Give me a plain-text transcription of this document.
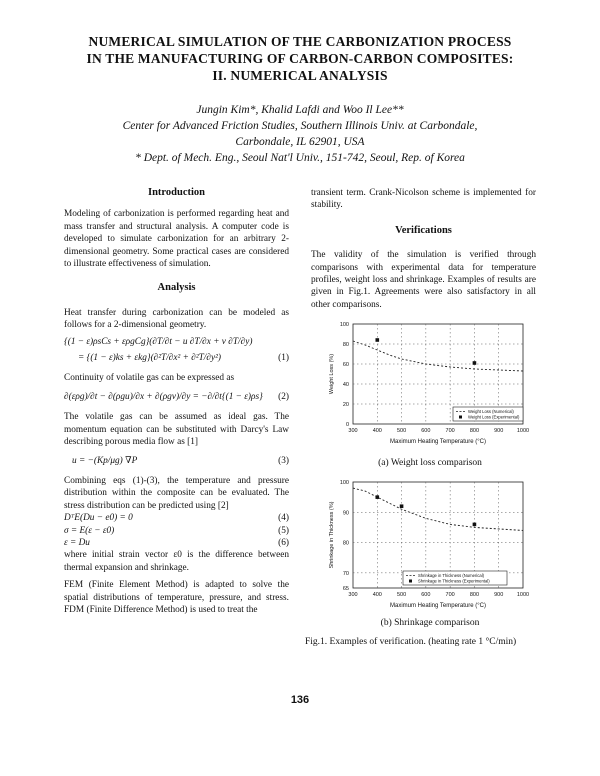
NUMERICAL SIMULATION OF THE CARBONIZATION PROCESS
IN THE MANUFACTURING OF CARBON-CARBON COMPOSITES:
II. NUMERICAL ANALYSIS
Jungin Kim*, Khalid Lafdi and Woo Il Lee**
Center for Advanced Friction Studies, Southern Illinois Univ. at Carbondale,
Carbondale, IL 62901, USA
* Dept. of Mech. Eng., Seoul Nat'l Univ., 151-742, Seoul, Rep. of Korea
Introduction

Modeling of carbonization is performed regarding heat and mass transfer and structural analysis. A computer code is developed to simulate carbonization for an arbitrary 2-dimensional geometry. Some practical cases are considered to illustrate effectiveness of simulation.

Analysis

Heat transfer during carbonization can be modeled as follows for a 2-dimensional geometry.

{(1 − ε)ρsCs + ερgCg}(∂T/∂t − u ∂T/∂x + v ∂T/∂y)
= {(1 − ε)ks + εkg}(∂²T/∂x² + ∂²T/∂y²)	(1)

Continuity of volatile gas can be expressed as

∂(ερg)/∂t − ∂(ρgu)/∂x + ∂(ρgv)/∂y = −∂/∂t{(1 − ε)ρs} (2)

The volatile gas can be assumed as ideal gas. The momentum equation can be substituted with Darcy's Law describing porous media flow as [1]

u = −(Kp/μg) ∇P	(3)

Combining eqs (1)-(3), the temperature and pressure distribution within the composite can be evaluated. The stress distribution can be predicted using [2]

DᵀE(Du − e0) = 0	(4)
σ = E(ε − ε0)	(5)
ε = Du	(6)

where initial strain vector ε0 is the difference between thermal expansion and shrinkage.

FEM (Finite Element Method) is adapted to solve the spatial distributions of temperature, pressure, and stress. FDM (Finite Difference Method) is used to treat the

transient term. Crank-Nicolson scheme is implemented for stability.

Verifications

The validity of the simulation is verified through comparisons with experimental data for temperature profiles, weight loss and shrinkage. Examples of results are given in Fig.1. Agreements were also satisfactory in all other comparisons.

300	400	500	600	700	800	900 1000
0
20
40
60
80
100
Maximum Heating Temperature (°C)
Weight Loss (%)
Weight Loss (Numerical)
Weight Loss (Experimental)
(a) Weight loss comparison
300	400	500	600	700	800	900 1000
65
70
80
90
100
Maximum Heating Temperature (°C)
Shrinkage in Thickness (%)
Shrinkage in Thickness (Numerical)
Shrinkage in Thickness (Experimental)
(b) Shrinkage comparison
Fig.1. Examples of verification. (heating rate 1 °C/min)
136
